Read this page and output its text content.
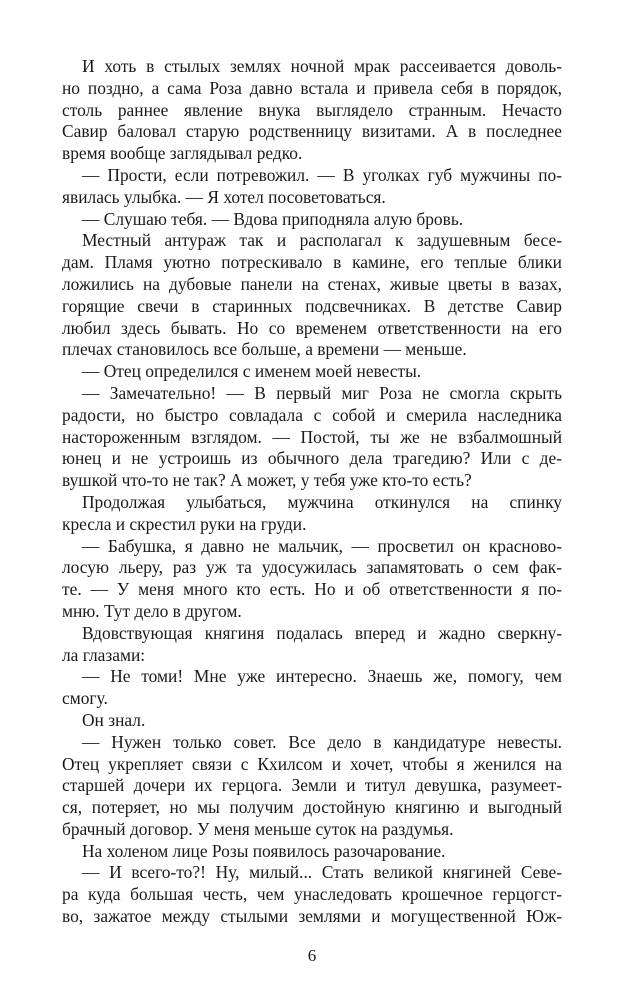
И хоть в стылых землях ночной мрак рассеивается доволь-
но поздно, а сама Роза давно встала и привела себя в порядок,
столь раннее явление внука выглядело странным. Нечасто
Савир баловал старую родственницу визитами. А в последнее
время вообще заглядывал редко.
— Прости, если потревожил. — В уголках губ мужчины по-
явилась улыбка. — Я хотел посоветоваться.
— Слушаю тебя. — Вдова приподняла алую бровь.
Местный антураж так и располагал к задушевным бесе-
дам. Пламя уютно потрескивало в камине, его теплые блики
ложились на дубовые панели на стенах, живые цветы в вазах,
горящие свечи в старинных подсвечниках. В детстве Савир
любил здесь бывать. Но со временем ответственности на его
плечах становилось все больше, а времени — меньше.
— Отец определился с именем моей невесты.
— Замечательно! — В первый миг Роза не смогла скрыть
радости, но быстро совладала с собой и смерила наследника
настороженным взглядом. — Постой, ты же не взбалмошный
юнец и не устроишь из обычного дела трагедию? Или с де-
вушкой что-то не так? А может, у тебя уже кто-то есть?
Продолжая улыбаться, мужчина откинулся на спинку
кресла и скрестил руки на груди.
— Бабушка, я давно не мальчик, — просветил он красново-
лосую льеру, раз уж та удосужилась запамятовать о сем фак-
те. — У меня много кто есть. Но и об ответственности я по-
мню. Тут дело в другом.
Вдовствующая княгиня подалась вперед и жадно сверкну-
ла глазами:
— Не томи! Мне уже интересно. Знаешь же, помогу, чем
смогу.
Он знал.
— Нужен только совет. Все дело в кандидатуре невесты.
Отец укрепляет связи с Кхилсом и хочет, чтобы я женился на
старшей дочери их герцога. Земли и титул девушка, разумеет-
ся, потеряет, но мы получим достойную княгиню и выгодный
брачный договор. У меня меньше суток на раздумья.
На холеном лице Розы появилось разочарование.
— И всего-то?! Ну, милый... Стать великой княгиней Севе-
ра куда большая честь, чем унаследовать крошечное герцогст-
во, зажатое между стылыми землями и могущественной Юж-
6
